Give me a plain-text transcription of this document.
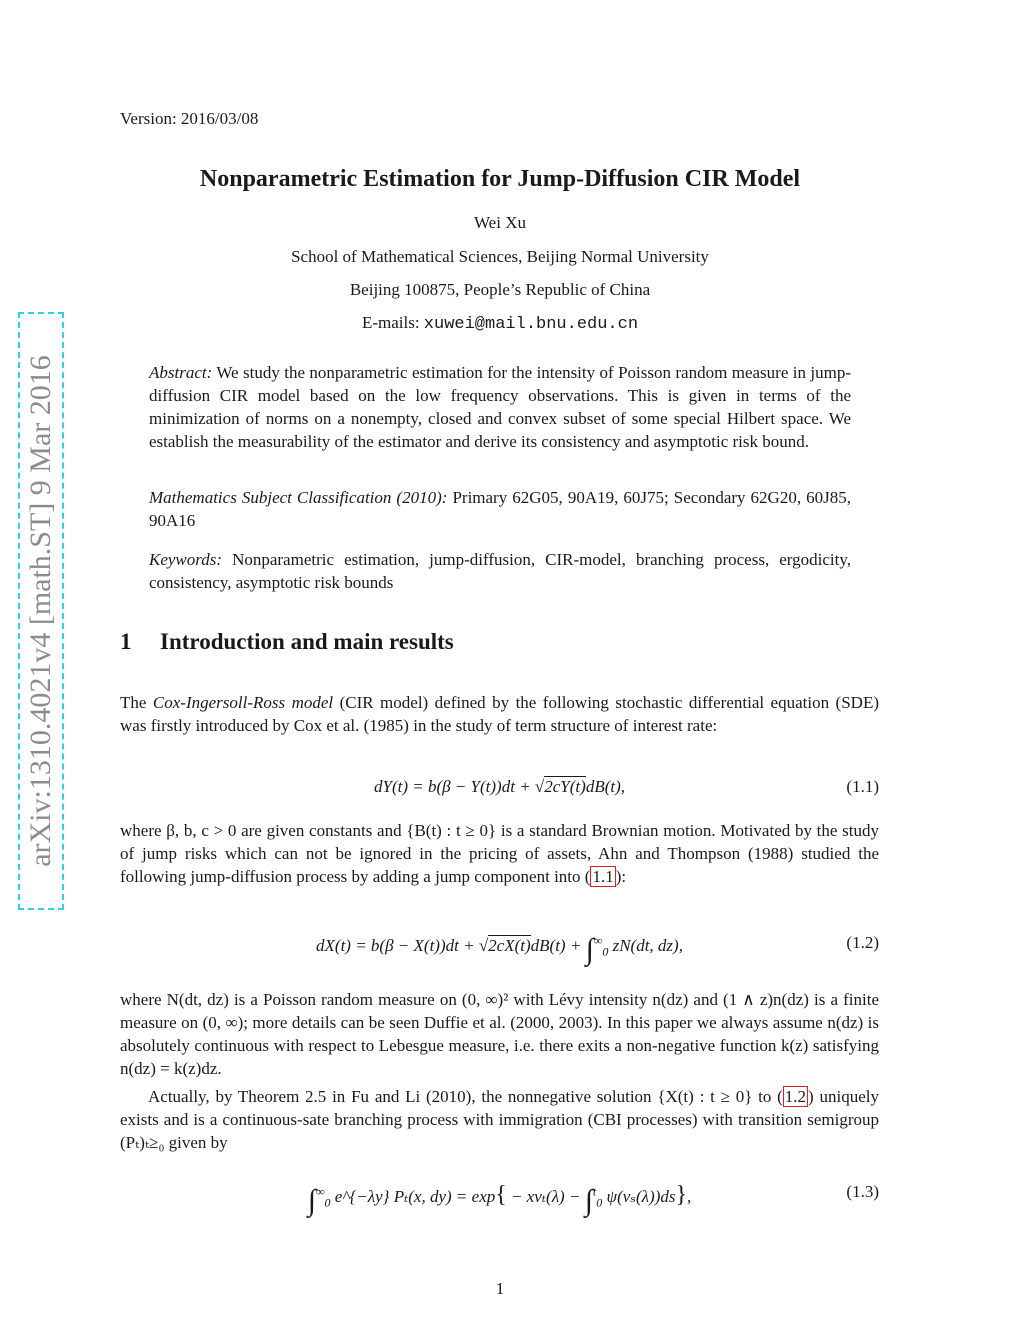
arXiv:1310.4021v4 [math.ST] 9 Mar 2016
Version: 2016/03/08
Nonparametric Estimation for Jump-Diffusion CIR Model
Wei Xu
School of Mathematical Sciences, Beijing Normal University
Beijing 100875, People’s Republic of China
E-mails: xuwei@mail.bnu.edu.cn
Abstract: We study the nonparametric estimation for the intensity of Poisson random measure in jump-diffusion CIR model based on the low frequency observations. This is given in terms of the minimization of norms on a nonempty, closed and convex subset of some special Hilbert space. We establish the measurability of the estimator and derive its consistency and asymptotic risk bound.
Mathematics Subject Classification (2010): Primary 62G05, 90A19, 60J75; Secondary 62G20, 60J85, 90A16
Keywords: Nonparametric estimation, jump-diffusion, CIR-model, branching process, ergodicity, consistency, asymptotic risk bounds
1 Introduction and main results
The Cox-Ingersoll-Ross model (CIR model) defined by the following stochastic differential equation (SDE) was firstly introduced by Cox et al. (1985) in the study of term structure of interest rate:
dY(t) = b(β − Y(t))dt + √2cY(t)dB(t),	(1.1)
where β, b, c > 0 are given constants and {B(t) : t ≥ 0} is a standard Brownian motion. Motivated by the study of jump risks which can not be ignored in the pricing of assets, Ahn and Thompson (1988) studied the following jump-diffusion process by adding a jump component into ( 1.1 ):
$dX(t) = b(\beta - X(t))dt + √2cX(t)dB(t) + \int^\infty_0$ zN(dt, dz),	(1.2)
where N(dt, dz) is a Poisson random measure on (0, ∞)² with Lévy intensity n(dz) and (1 ∧ z)n(dz) is a finite measure on (0, ∞); more details can be seen Duffie et al. (2000, 2003). In this paper we always assume n(dz) is absolutely continuous with respect to Lebesgue measure, i.e. there exits a non-negative function k(z) satisfying n(dz) = k(z)dz.
Actually, by Theorem 2.5 in Fu and Li (2010), the nonnegative solution {X(t) : t ≥ 0} to ( 1.2 ) uniquely exists and is a continuous-sate branching process with immigration (CBI processes) with transition semigroup (Pₜ)ₜ≥₀ given by
$\int^\infty_0$ e^{−λy} Pₜ(x, dy) = exp{ − xvₜ(λ) − ∫$^t_0$ ψ(vₛ(λ))ds},	(1.3)
1
